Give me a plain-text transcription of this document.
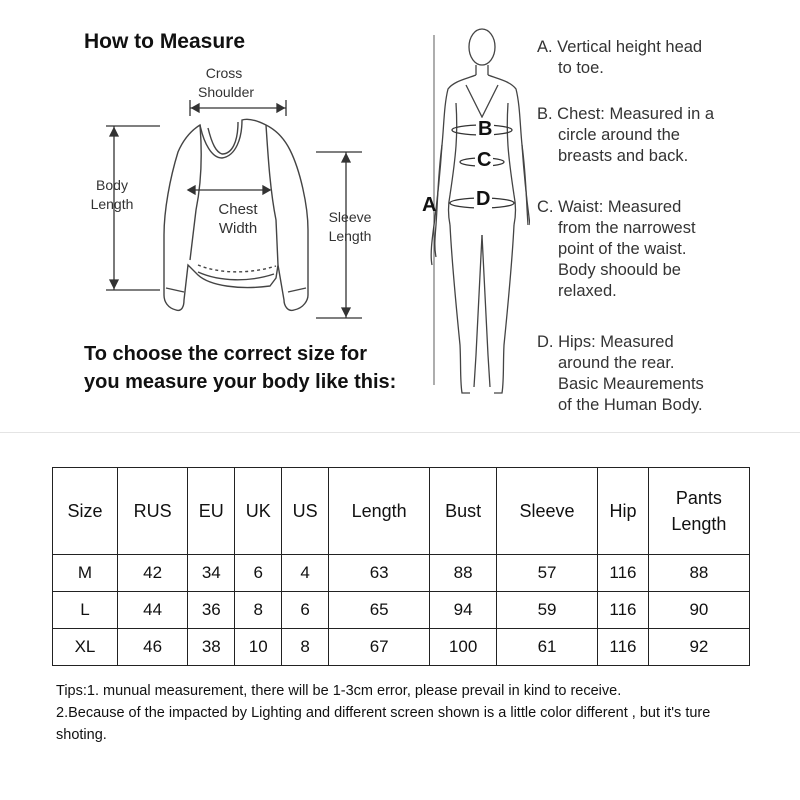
How to Measure
Cross
Shoulder
Body
Length	Chest
Width
Sleeve
Length
To choose the correct size for
you measure your body like this:
A
B
C
D
A. Vertical height head
to toe.
B. Chest: Measured in a
circle around the
breasts and back.
C. Waist: Measured
from the narrowest
point of the waist.
Body shoould be
relaxed.
D. Hips: Measured
around the rear.
Basic Meaurements
of the Human Body.
Size	RUS	EU	UK	US	Length	Bust	Sleeve	Hip	Pants
Length

M	42	34	6	4	63	88	57	116	88
L	44	36	8	6	65	94	59	116	90
XL	46	38	10	8	67	100	61	116	92
Tips:1. munual measurement, there will be 1-3cm error, please prevail in kind to receive.
2.Because of the impacted by Lighting and different screen shown is a little color different , but it's ture shoting.
